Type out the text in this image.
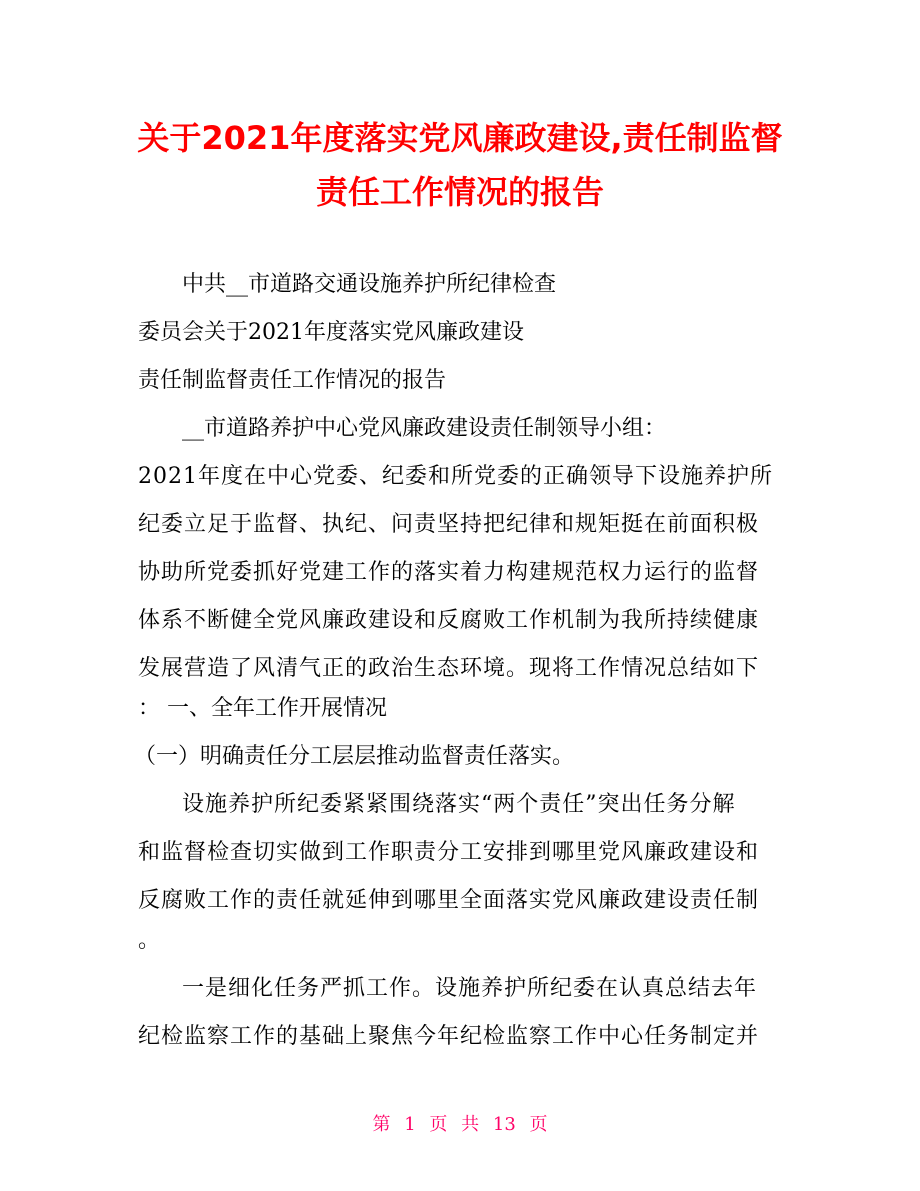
关于2021年度落实党风廉政建设,责任制监督
责任工作情况的报告
中共__市道路交通设施养护所纪律检查
委员会关于2021年度落实党风廉政建设
责任制监督责任工作情况的报告
__市道路养护中心党风廉政建设责任制领导小组：
2021年度在中心党委、纪委和所党委的正确领导下设施养护所
纪委立足于监督、执纪、问责坚持把纪律和规矩挺在前面积极
协助所党委抓好党建工作的落实着力构建规范权力运行的监督
体系不断健全党风廉政建设和反腐败工作机制为我所持续健康
发展营造了风清气正的政治生态环境。现将工作情况总结如下
： 一、全年工作开展情况
（一）明确责任分工层层推动监督责任落实。
设施养护所纪委紧紧围绕落实“两个责任”突出任务分解
和监督检查切实做到工作职责分工安排到哪里党风廉政建设和
反腐败工作的责任就延伸到哪里全面落实党风廉政建设责任制
。
一是细化任务严抓工作。设施养护所纪委在认真总结去年
纪检监察工作的基础上聚焦今年纪检监察工作中心任务制定并
第 1 页 共 13 页
